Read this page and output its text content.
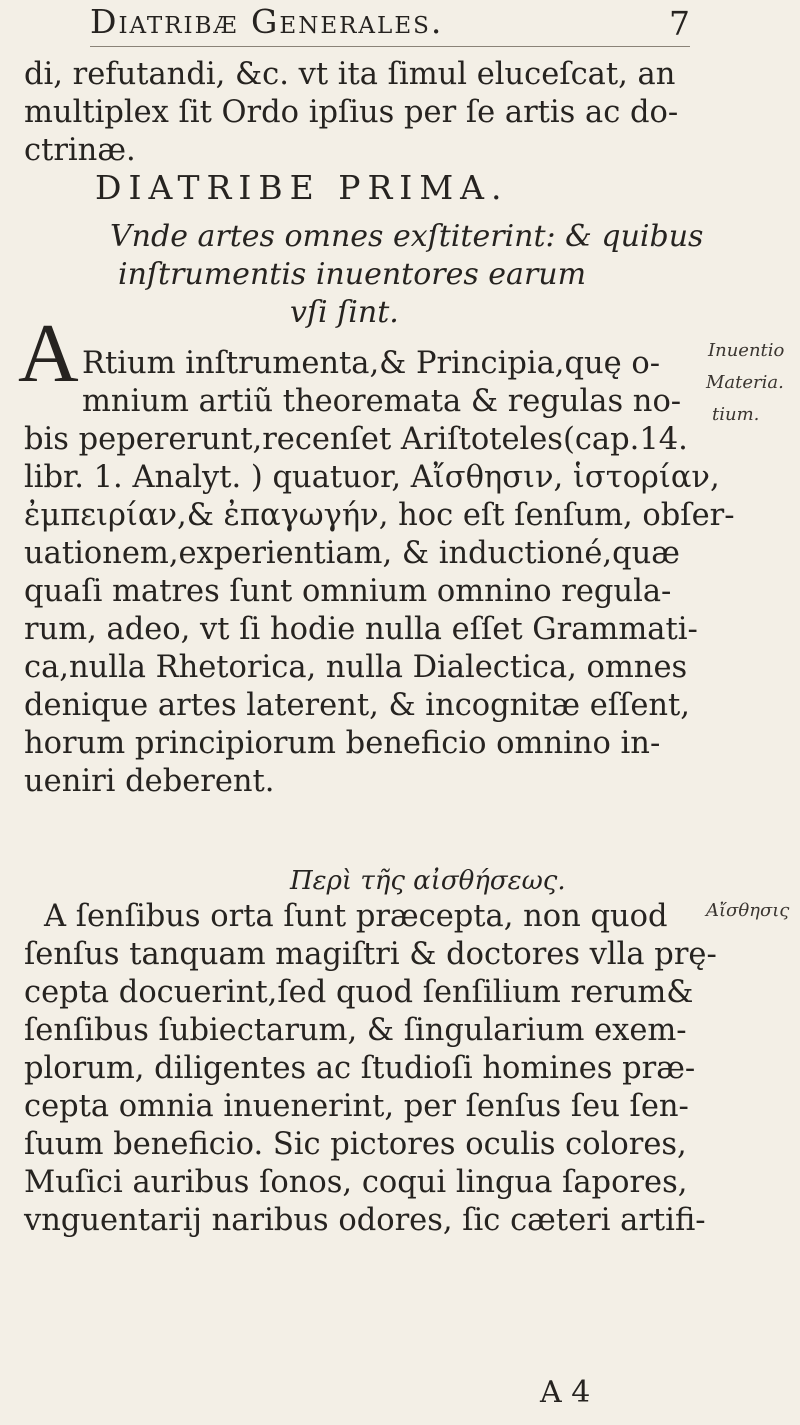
Diatribæ Generales.	7
di, refutandi, &c. vt ita ſimul eluceſcat, an
multiplex ſit Ordo ipſius per ſe artis ac do-
ctrinæ.
DIATRIBE PRIMA.
Vnde artes omnes exſtiterint: & quibus
inſtrumentis inuentores earum
vſi ſint.
A Rtium inſtrumenta,& Principia,quę o-
mnium artiũ theoremata & regulas no-
bis pepererunt,recenſet Ariſtoteles(cap.14.
libr. 1. Analyt. ) quatuor, Αἴσθησιν, ἱστορίαν,
ἐμπειρίαν,& ἐπαγωγήν, hoc eſt ſenſum, obſer-
uationem,experientiam, & inductioné,quæ
quaſi matres ſunt omnium omnino regula-
rum, adeo, vt ſi hodie nulla eſſet Grammati-
ca,nulla Rhetorica, nulla Dialectica, omnes
denique artes laterent, & incognitæ eſſent,
horum principiorum beneficio omnino in-
ueniri deberent.
Περὶ τῆς αἰσθήσεως.
A ſenſibus orta ſunt præcepta, non quod
ſenſus tanquam magiſtri & doctores vlla prę-
cepta docuerint,ſed quod ſenſilium rerum&
ſenſibus ſubiectarum, & ſingularium exem-
plorum, diligentes ac ſtudioſi homines præ-
cepta omnia inuenerint, per ſenſus ſeu ſen-
ſuum beneficio. Sic pictores oculis colores,
Muſici auribus ſonos, coqui lingua ſapores,
vnguentarij naribus odores, ſic cæteri artifi-
Inuentio
Materia.
tium.
Αἴσθησις
A 4
